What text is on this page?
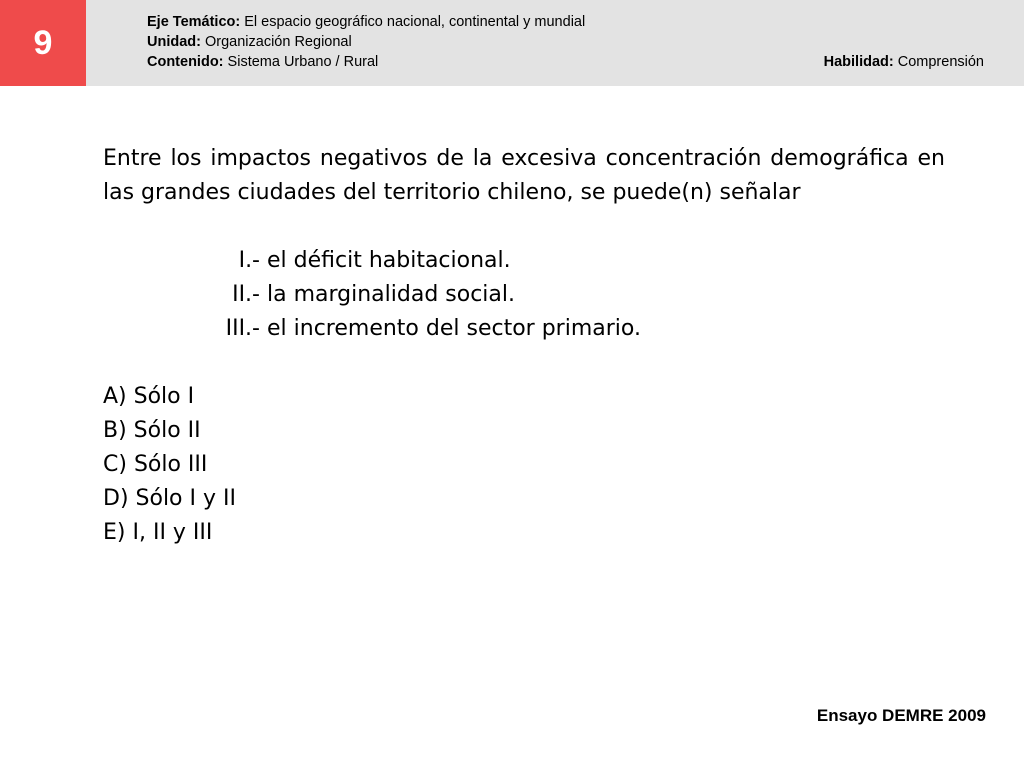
9
Eje Temático: El espacio geográfico nacional, continental y mundial
Unidad: Organización Regional
Contenido: Sistema Urbano / Rural	Habilidad: Comprensión
Entre los impactos negativos de la excesiva concentración demográfica en las grandes ciudades del territorio chileno, se puede(n) señalar
I.-
el déficit habitacional.
II.-
la marginalidad social.
III.-
el incremento del sector primario.
A) Sólo I
B) Sólo II
C) Sólo III
D) Sólo I y II
E) I, II y III
Ensayo DEMRE 2009
